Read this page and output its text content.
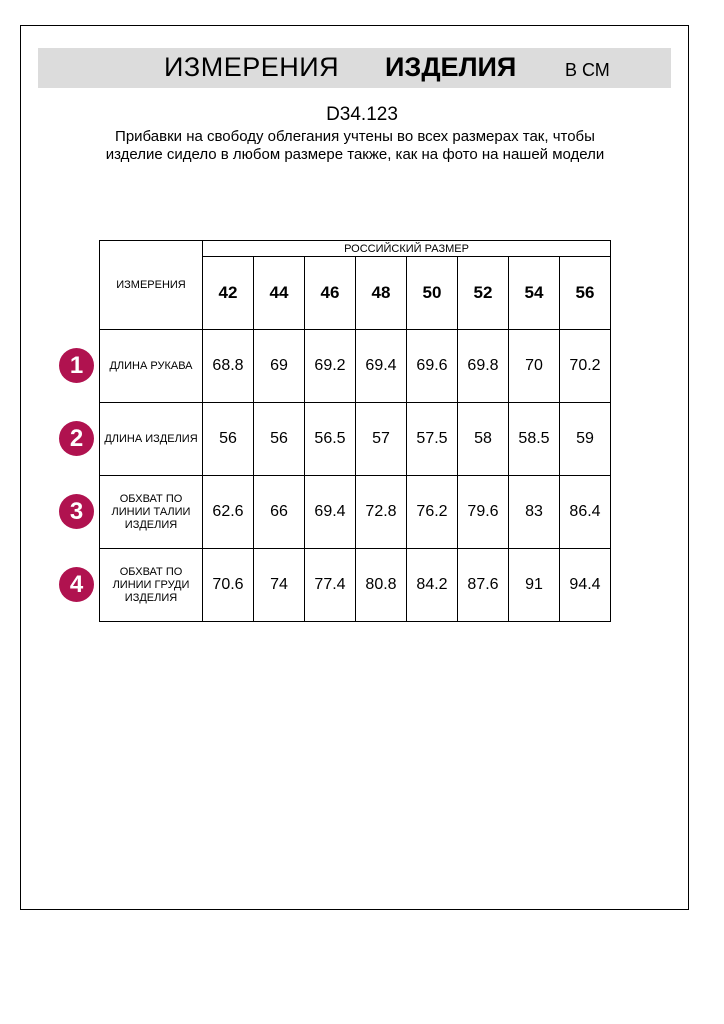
ИЗМЕРЕНИЯ ИЗДЕЛИЯ	В СМ
D34.123
Прибавки на свободу облегания учтены во всех размерах так, чтобы изделие сидело в любом размере также, как на фото на нашей модели
ИЗМЕРЕНИЯ	РОССИЙСКИЙ РАЗМЕР							
	42	44	46	48	50	52	54	56
ДЛИНА РУКАВА	68.8	69	69.2	69.4	69.6	69.8	70	70.2
ДЛИНА ИЗДЕЛИЯ	56	56	56.5	57	57.5	58	58.5	59
ОБХВАТ ПО ЛИНИИ ТАЛИИ ИЗДЕЛИЯ	62.6	66	69.4	72.8	76.2	79.6	83	86.4
ОБХВАТ ПО ЛИНИИ ГРУДИ ИЗДЕЛИЯ	70.6	74	77.4	80.8	84.2	87.6	91	94.4
1
2
3
4
